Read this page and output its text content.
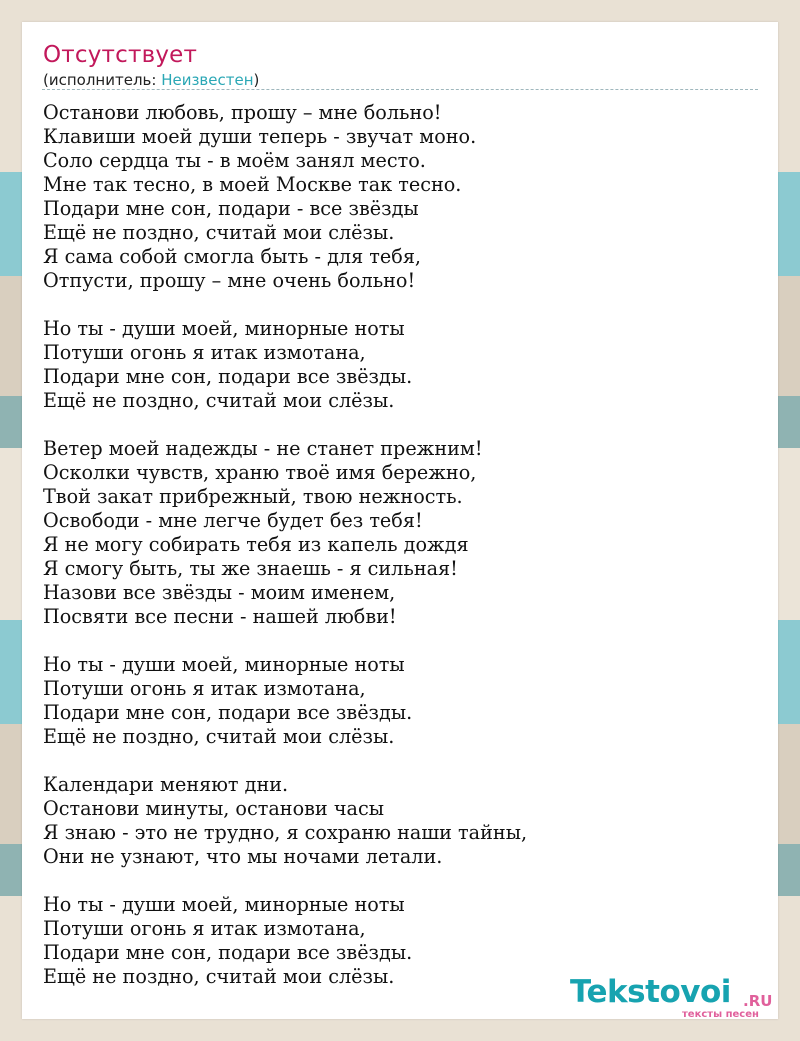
Отсутствует
(исполнитель: Неизвестен)
Останови любовь, прошу – мне больно!
Клавиши моей души теперь - звучат моно.
Соло сердца ты - в моём занял место.
Мне так тесно, в моей Москве так тесно.
Подари мне сон, подари - все звёзды
Ещё не поздно, считай мои слёзы.
Я сама собой смогла быть - для тебя,
Отпусти, прошу – мне очень больно!
Но ты - души моей, минорные ноты
Потуши огонь я итак измотана,
Подари мне сон, подари все звёзды.
Ещё не поздно, считай мои слёзы.
Ветер моей надежды - не станет прежним!
Осколки чувств, храню твоё имя бережно,
Твой закат прибрежный, твою нежность.
Освободи - мне легче будет без тебя!
Я не могу собирать тебя из капель дождя
Я смогу быть, ты же знаешь - я сильная!
Назови все звёзды - моим именем,
Посвяти все песни - нашей любви!
Но ты - души моей, минорные ноты
Потуши огонь я итак измотана,
Подари мне сон, подари все звёзды.
Ещё не поздно, считай мои слёзы.
Календари меняют дни.
Останови минуты, останови часы
Я знаю - это не трудно, я сохраню наши тайны,
Они не узнают, что мы ночами летали.
Но ты - души моей, минорные ноты
Потуши огонь я итак измотана,
Подари мне сон, подари все звёзды.
Ещё не поздно, считай мои слёзы.	Tekstovoi .RU
тексты песен
